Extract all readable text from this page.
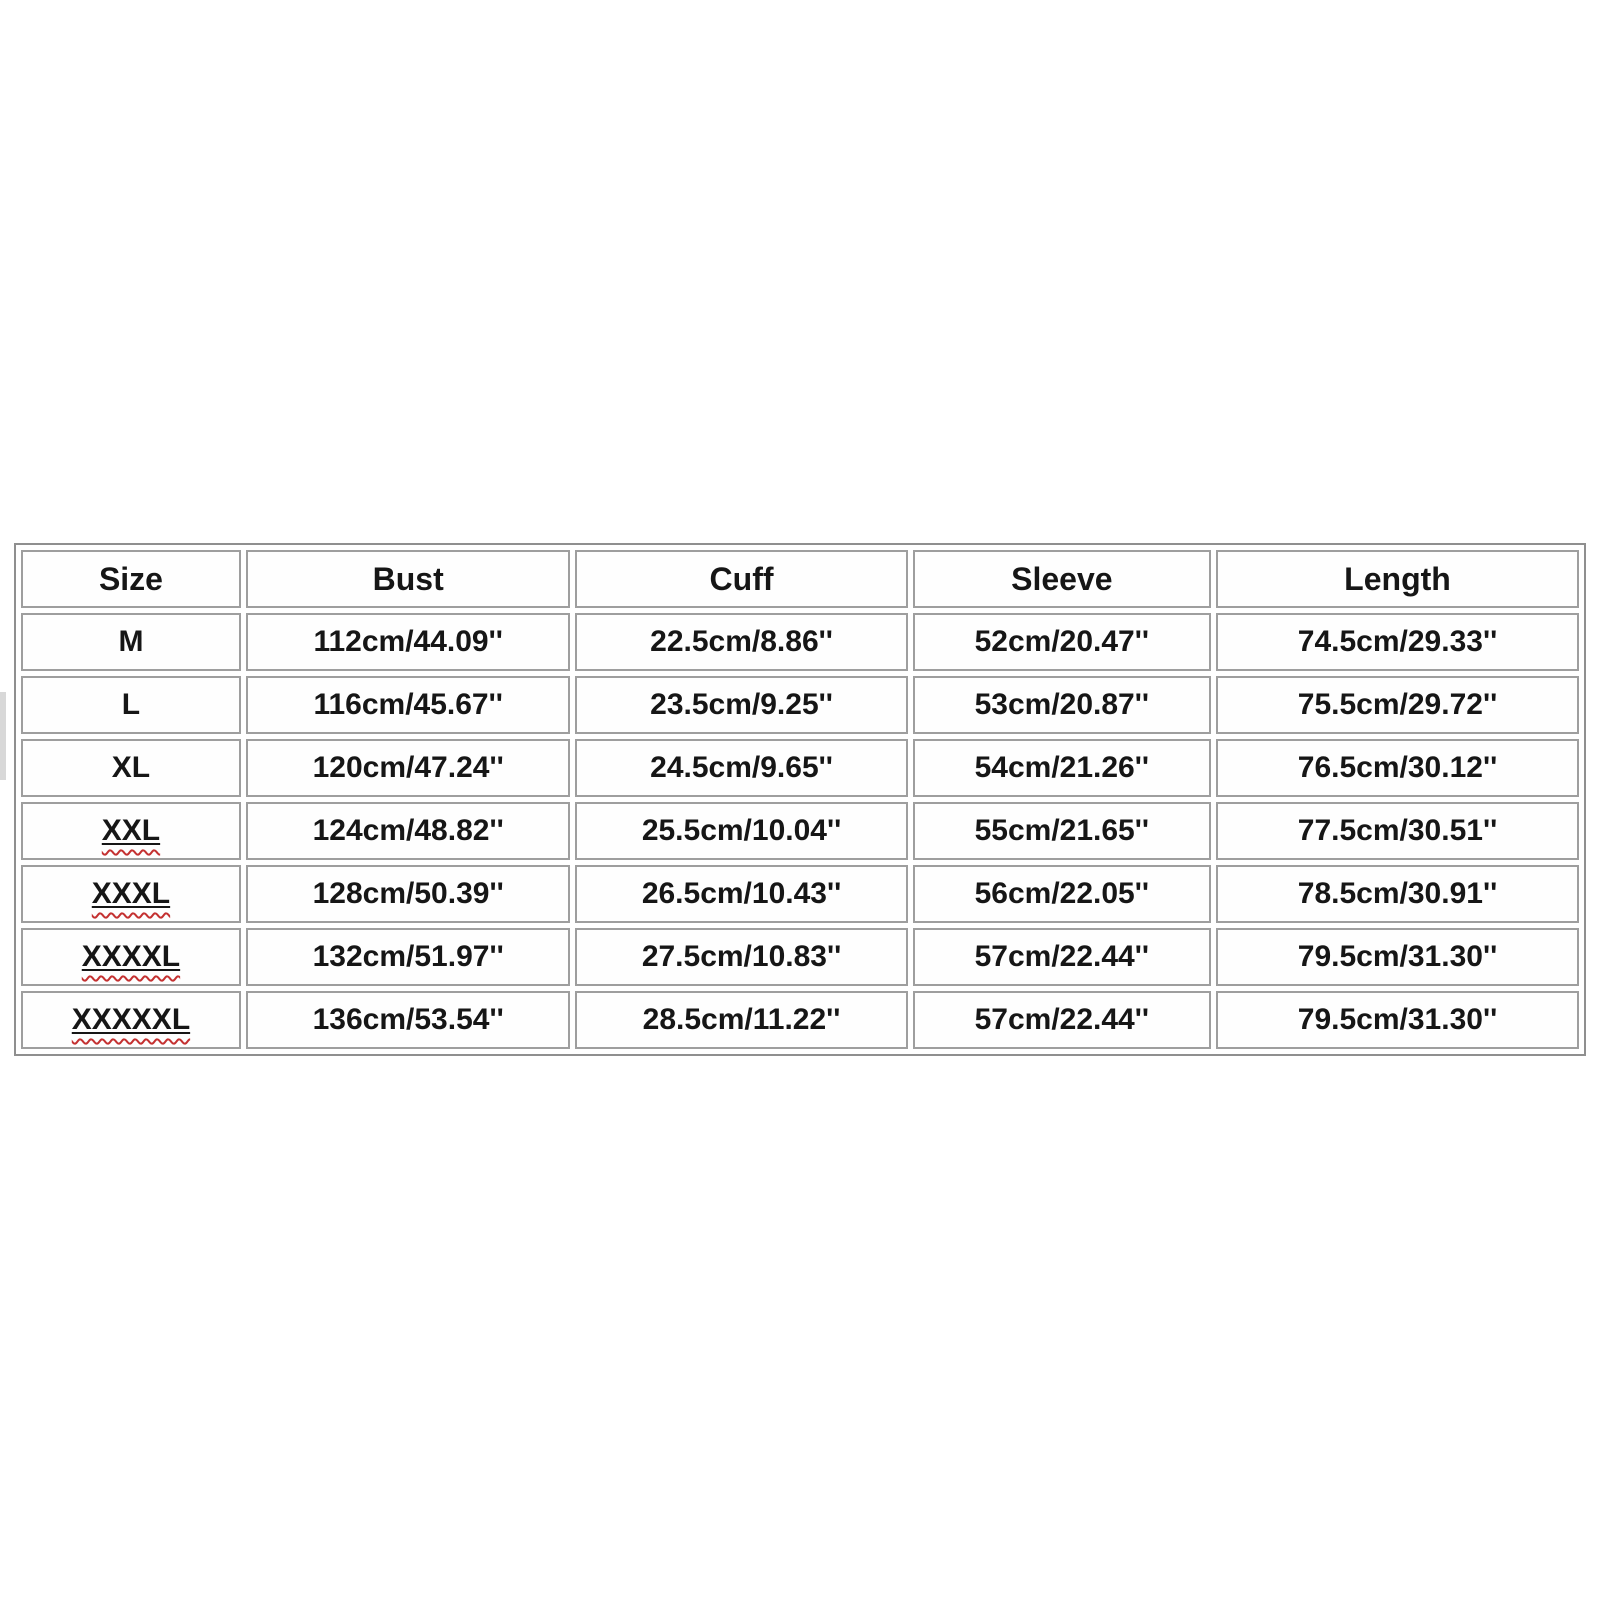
Size	Bust	Cuff	Sleeve	Length
M	112cm/44.09''	22.5cm/8.86''	52cm/20.47''	74.5cm/29.33''
L	116cm/45.67''	23.5cm/9.25''	53cm/20.87''	75.5cm/29.72''
XL	120cm/47.24''	24.5cm/9.65''	54cm/21.26''	76.5cm/30.12''
XXL	124cm/48.82''	25.5cm/10.04''	55cm/21.65''	77.5cm/30.51''
XXXL	128cm/50.39''	26.5cm/10.43''	56cm/22.05''	78.5cm/30.91''
XXXXL	132cm/51.97''	27.5cm/10.83''	57cm/22.44''	79.5cm/31.30''
XXXXXL	136cm/53.54''	28.5cm/11.22''	57cm/22.44''	79.5cm/31.30''
